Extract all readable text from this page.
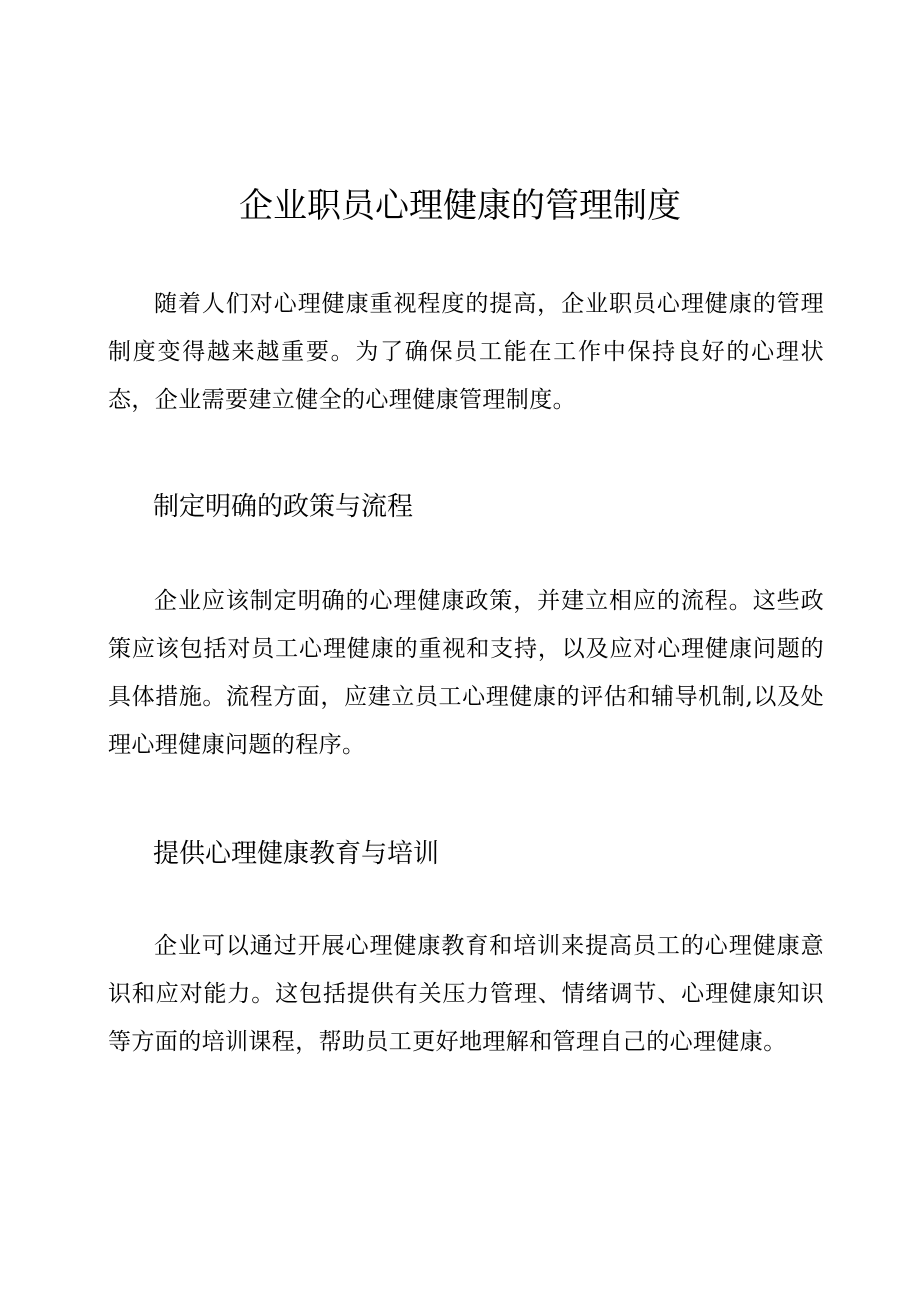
企业职员心理健康的管理制度

随着人们对心理健康重视程度的提高，企业职员心理健康的管理制度变得越来越重要。为了确保员工能在工作中保持良好的心理状态，企业需要建立健全的心理健康管理制度。

制定明确的政策与流程

企业应该制定明确的心理健康政策，并建立相应的流程。这些政策应该包括对员工心理健康的重视和支持，以及应对心理健康问题的具体措施。流程方面，应建立员工心理健康的评估和辅导机制,以及处理心理健康问题的程序。

提供心理健康教育与培训

企业可以通过开展心理健康教育和培训来提高员工的心理健康意识和应对能力。这包括提供有关压力管理、情绪调节、心理健康知识等方面的培训课程，帮助员工更好地理解和管理自己的心理健康。
